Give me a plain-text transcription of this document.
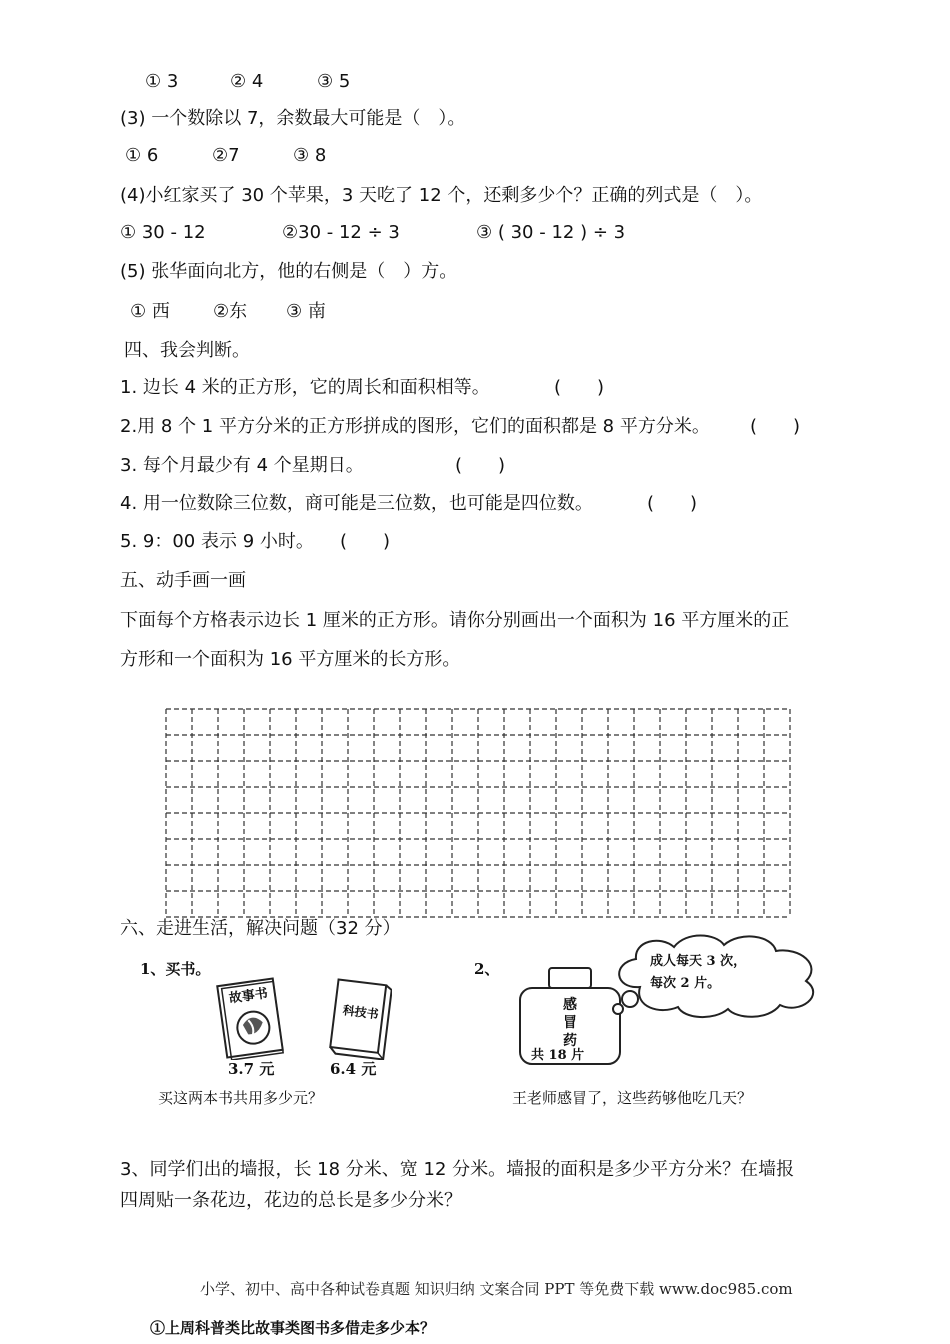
① 3	② 4	③ 5
(3) 一个数除以 7，余数最大可能是（　）。
① 6	②7	③ 8
(4)小红家买了 30 个苹果，3 天吃了 12 个，还剩多少个？正确的列式是（　）。
① 30 - 12	②30 - 12 ÷ 3	③ ( 30 - 12 ) ÷ 3
(5) 张华面向北方，他的右侧是（　）方。
① 西 ②东 ③ 南
四、我会判断。
1. 边长 4 米的正方形，它的周长和面积相等。	(　　)
2.用 8 个 1 平方分米的正方形拼成的图形，它们的面积都是 8 平方分米。 (　　)
3. 每个月最少有 4 个星期日。	(　　)
4. 用一位数除三位数，商可能是三位数，也可能是四位数。	(　　)
5. 9：00 表示 9 小时。 (　　)
五、动手画一画
下面每个方格表示边长 1 厘米的正方形。请你分别画出一个面积为 16 平方厘米的正
方形和一个面积为 16 平方厘米的长方形。
六、走进生活，解决问题（32 分）
1、买书。
故事书
3.7 元
科技书
6.4 元
买这两本书共用多少元？
2、
感
冒
药
共 18 片
成人每天 3 次，
每次 2 片。
王老师感冒了，这些药够他吃几天？
3、同学们出的墙报，长 18 分米、宽 12 分米。墙报的面积是多少平方分米？在墙报
四周贴一条花边，花边的总长是多少分米？
小学、初中、高中各种试卷真题 知识归纳 文案合同 PPT 等免费下载 www.doc985.com
①上周科普类比故事类图书多借走多少本？
